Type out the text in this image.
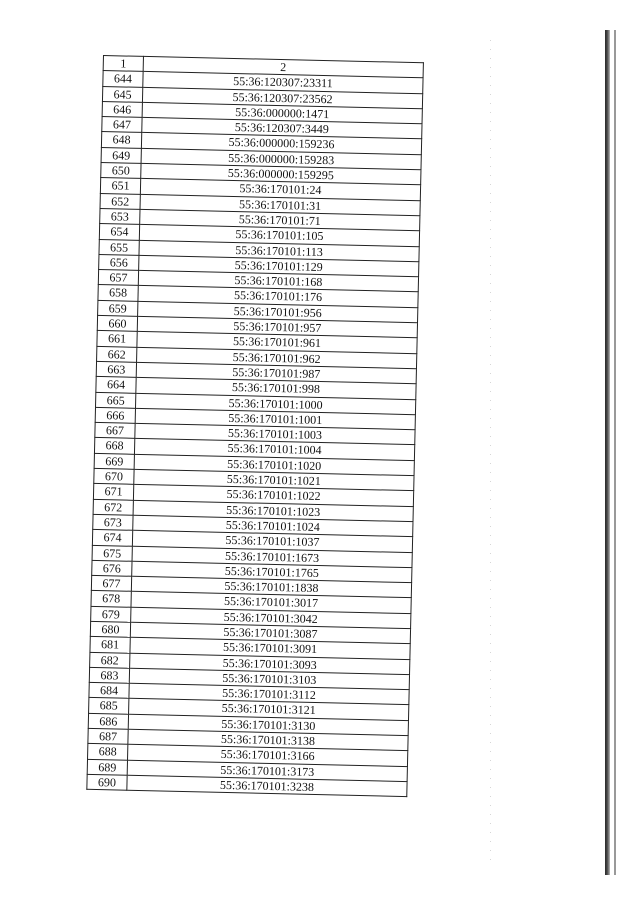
1	2
644	55:36:120307:23311
645	55:36:120307:23562
646	55:36:000000:1471
647	55:36:120307:3449
648	55:36:000000:159236
649	55:36:000000:159283
650	55:36:000000:159295
651	55:36:170101:24
652	55:36:170101:31
653	55:36:170101:71
654	55:36:170101:105
655	55:36:170101:113
656	55:36:170101:129
657	55:36:170101:168
658	55:36:170101:176
659	55:36:170101:956
660	55:36:170101:957
661	55:36:170101:961
662	55:36:170101:962
663	55:36:170101:987
664	55:36:170101:998
665	55:36:170101:1000
666	55:36:170101:1001
667	55:36:170101:1003
668	55:36:170101:1004
669	55:36:170101:1020
670	55:36:170101:1021
671	55:36:170101:1022
672	55:36:170101:1023
673	55:36:170101:1024
674	55:36:170101:1037
675	55:36:170101:1673
676	55:36:170101:1765
677	55:36:170101:1838
678	55:36:170101:3017
679	55:36:170101:3042
680	55:36:170101:3087
681	55:36:170101:3091
682	55:36:170101:3093
683	55:36:170101:3103
684	55:36:170101:3112
685	55:36:170101:3121
686	55:36:170101:3130
687	55:36:170101:3138
688	55:36:170101:3166
689	55:36:170101:3173
690	55:36:170101:3238
